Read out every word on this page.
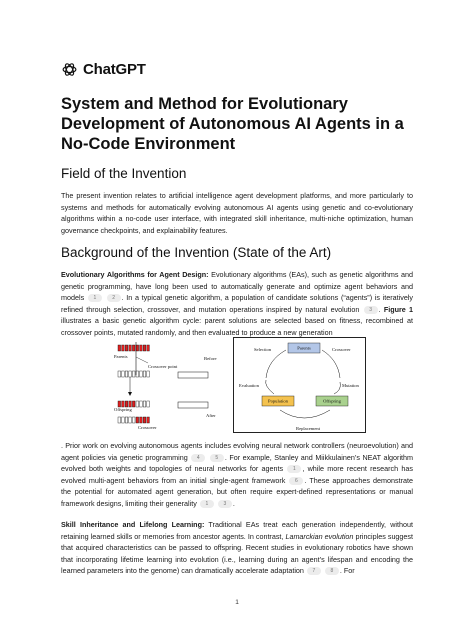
ChatGPT
System and Method for Evolutionary Development of Autonomous AI Agents in a No-Code Environment
Field of the Invention

The present invention relates to artificial intelligence agent development platforms, and more particularly to systems and methods for automatically evolving autonomous AI agents using genetic and co-evolutionary algorithms within a no-code user interface, with integrated skill inheritance, multi-niche optimization, human governance checkpoints, and explainability features.

Background of the Invention (State of the Art)

Evolutionary Algorithms for Agent Design: Evolutionary algorithms (EAs), such as genetic algorithms and genetic programming, have long been used to automatically generate and optimize agent behaviors and models 1	2 . In a typical genetic algorithm, a population of candidate solutions (“agents”) is iteratively refined through selection, crossover, and mutation operations inspired by natural evolution 3 . Figure 1 illustrates a basic genetic algorithm cycle: parent solutions are selected based on fitness, recombined at crossover points, mutated randomly, and then evaluated to produce a new generation

Parents
Crossover point
Before
Offspring
Crossover
After
Parents
Population	Offspring
Selection	Crossover
Evaluation	Mutation
Replacement

. Prior work on evolving autonomous agents includes evolving neural network controllers (neuroevolution) and agent policies via genetic programming 4	5 . For example, Stanley and Miikkulainen’s NEAT algorithm evolved both weights and topologies of neural networks for agents 1 , while more recent research has evolved multi-agent behaviors from an initial single-agent framework 6 . These approaches demonstrate the potential for automated agent generation, but often require expert-defined representations or manual framework designs, limiting their generality 1	3 .

Skill Inheritance and Lifelong Learning: Traditional EAs treat each generation independently, without retaining learned skills or memories from ancestor agents. In contrast, Lamarckian evolution principles suggest that acquired characteristics can be passed to offspring. Recent studies in evolutionary robotics have shown that incorporating lifetime learning into evolution (i.e., learning during an agent’s lifespan and encoding the learned parameters into the genome) can dramatically accelerate adaptation 7	8 . For

1
